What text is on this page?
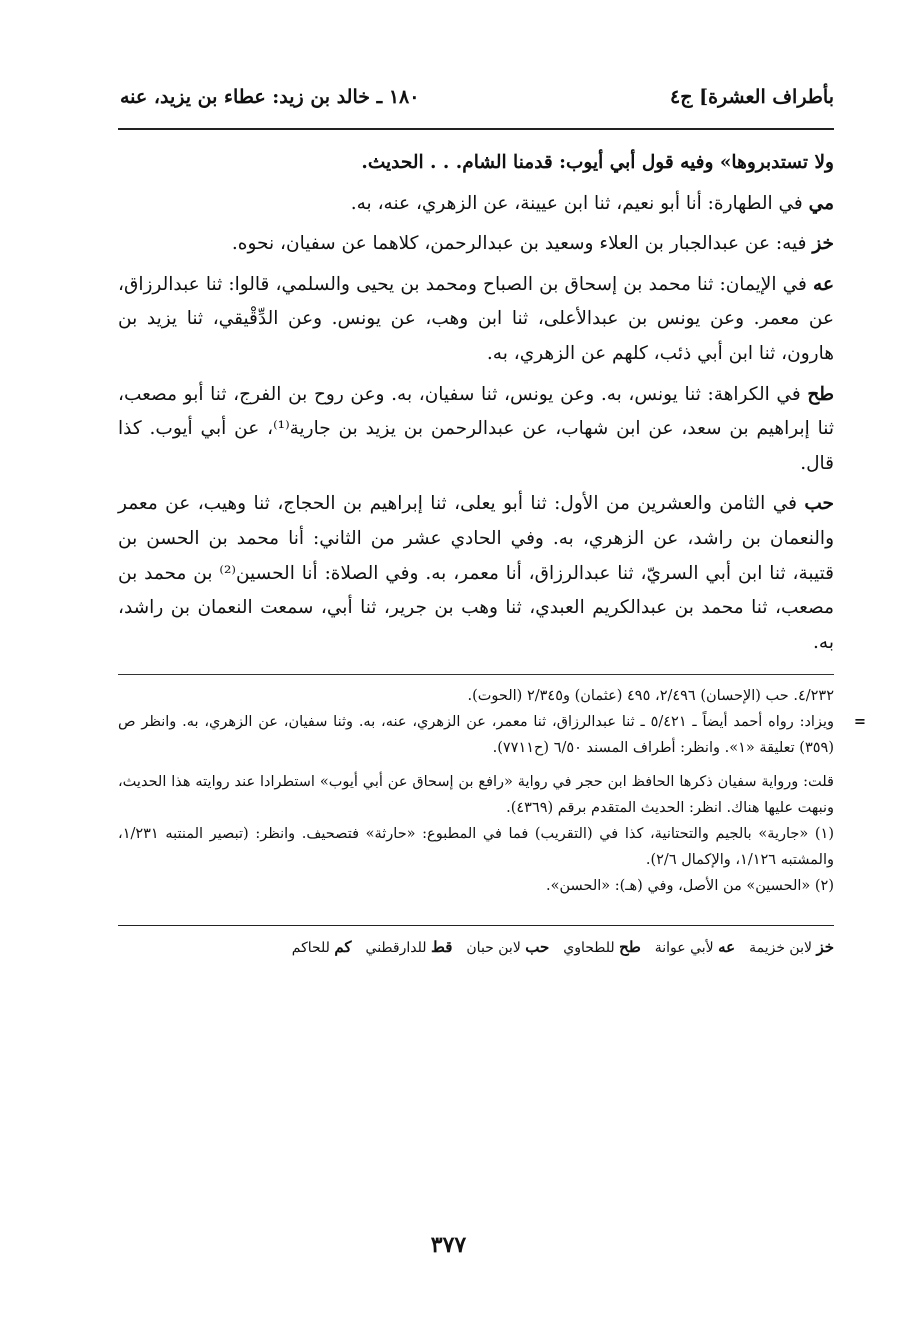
بأطراف العشرة] ج٤
١٨٠ ـ خالد بن زيد: عطاء بن يزيد، عنه

ولا تستدبروها» وفيه قول أبي أيوب: قدمنا الشام. . . الحديث.

مي في الطهارة: أنا أبو نعيم، ثنا ابن عيينة، عن الزهري، عنه، به.

خز فيه: عن عبدالجبار بن العلاء وسعيد بن عبدالرحمن، كلاهما عن سفيان، نحوه.

عه في الإيمان: ثنا محمد بن إسحاق بن الصباح ومحمد بن يحيى والسلمي، قالوا: ثنا عبدالرزاق، عن معمر. وعن يونس بن عبدالأعلى، ثنا ابن وهب، عن يونس. وعن الدِّقْيقي، ثنا يزيد بن هارون، ثنا ابن أبي ذئب، كلهم عن الزهري، به.

طح في الكراهة: ثنا يونس، به. وعن يونس، ثنا سفيان، به. وعن روح بن الفرج، ثنا أبو مصعب، ثنا إبراهيم بن سعد، عن ابن شهاب، عن عبدالرحمن بن يزيد بن جارية⁽¹⁾، عن أبي أيوب. كذا قال.

حب في الثامن والعشرين من الأول: ثنا أبو يعلى، ثنا إبراهيم بن الحجاج، ثنا وهيب، عن معمر والنعمان بن راشد، عن الزهري، به. وفي الحادي عشر من الثاني: أنا محمد بن الحسن بن قتيبة، ثنا ابن أبي السريّ، ثنا عبدالرزاق، أنا معمر، به. وفي الصلاة: أنا الحسين⁽²⁾ بن محمد بن مصعب، ثنا محمد بن عبدالكريم العبدي، ثنا وهب بن جرير، ثنا أبي، سمعت النعمان بن راشد، به.

٤/٢٣٢. حب (الإحسان) ٢/٤٩٦، ٤٩٥ (عثمان) و٢/٣٤٥ (الحوت).

=
ويزاد: رواه أحمد أيضاً ـ ٥/٤٢١ ـ ثنا عبدالرزاق، ثنا معمر، عن الزهري، عنه، به. وثنا سفيان، عن الزهري، به. وانظر ص (٣٥٩) تعليقة «١». وانظر: أطراف المسند ٦/٥٠ (ح٧٧١١).

قلت: ورواية سفيان ذكرها الحافظ ابن حجر في رواية «رافع بن إسحاق عن أبي أيوب» استطرادا عند روايته هذا الحديث، ونبهت عليها هناك. انظر: الحديث المتقدم برقم (٤٣٦٩).

(١) «جارية» بالجيم والتحتانية، كذا في (التقريب) فما في المطبوع: «حارثة» فتصحيف. وانظر: (تبصير المنتبه ١/٢٣١، والمشتبه ١/١٢٦، والإكمال ٢/٦).

(٢) «الحسين» من الأصل، وفي (هـ): «الحسن».

خز لابن خزيمة
عه لأبي عوانة
طح للطحاوي
حب لابن حبان
قط للدارقطني
كم للحاكم
٣٧٧
